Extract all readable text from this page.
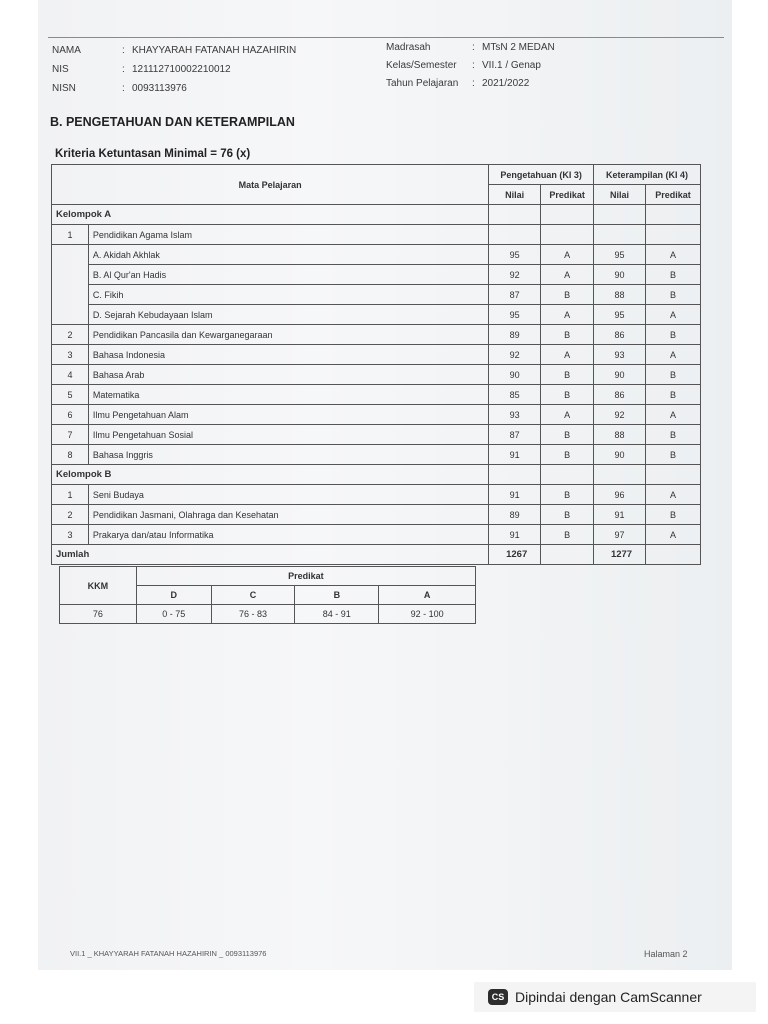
NAMA	: KHAYYARAH FATANAH HAZAHIRIN
NIS	: 121112710002210012
NISN	: 0093113976
Madrasah	: MTsN 2 MEDAN
Kelas/Semester : VII.1 / Genap
Tahun Pelajaran : 2021/2022
B. PENGETAHUAN DAN KETERAMPILAN
Kriteria Ketuntasan Minimal = 76 (x)
Mata Pelajaran		Pengetahuan (KI 3)		Keterampilan (KI 4)	
		Nilai	Predikat	Nilai	Predikat
Kelompok A					
1	Pendidikan Agama Islam				
	A. Akidah Akhlak	95	A	95	A
	B. Al Qur'an Hadis	92	A	90	B
	C. Fikih	87	B	88	B
	D. Sejarah Kebudayaan Islam	95	A	95	A
2	Pendidikan Pancasila dan Kewarganegaraan	89	B	86	B
3	Bahasa Indonesia	92	A	93	A
4	Bahasa Arab	90	B	90	B
5	Matematika	85	B	86	B
6	Ilmu Pengetahuan Alam	93	A	92	A
7	Ilmu Pengetahuan Sosial	87	B	88	B
8	Bahasa Inggris	91	B	90	B
Kelompok B					
1	Seni Budaya	91	B	96	A
2	Pendidikan Jasmani, Olahraga dan Kesehatan	89	B	91	B
3	Prakarya dan/atau Informatika	91	B	97	A
Jumlah		1267		1277	
KKM	Predikat			
	D	C	B	A
76	0 - 75	76 - 83	84 - 91	92 - 100
VII.1 _ KHAYYARAH FATANAH HAZAHIRIN _ 0093113976	Halaman 2
CS Dipindai dengan CamScanner
